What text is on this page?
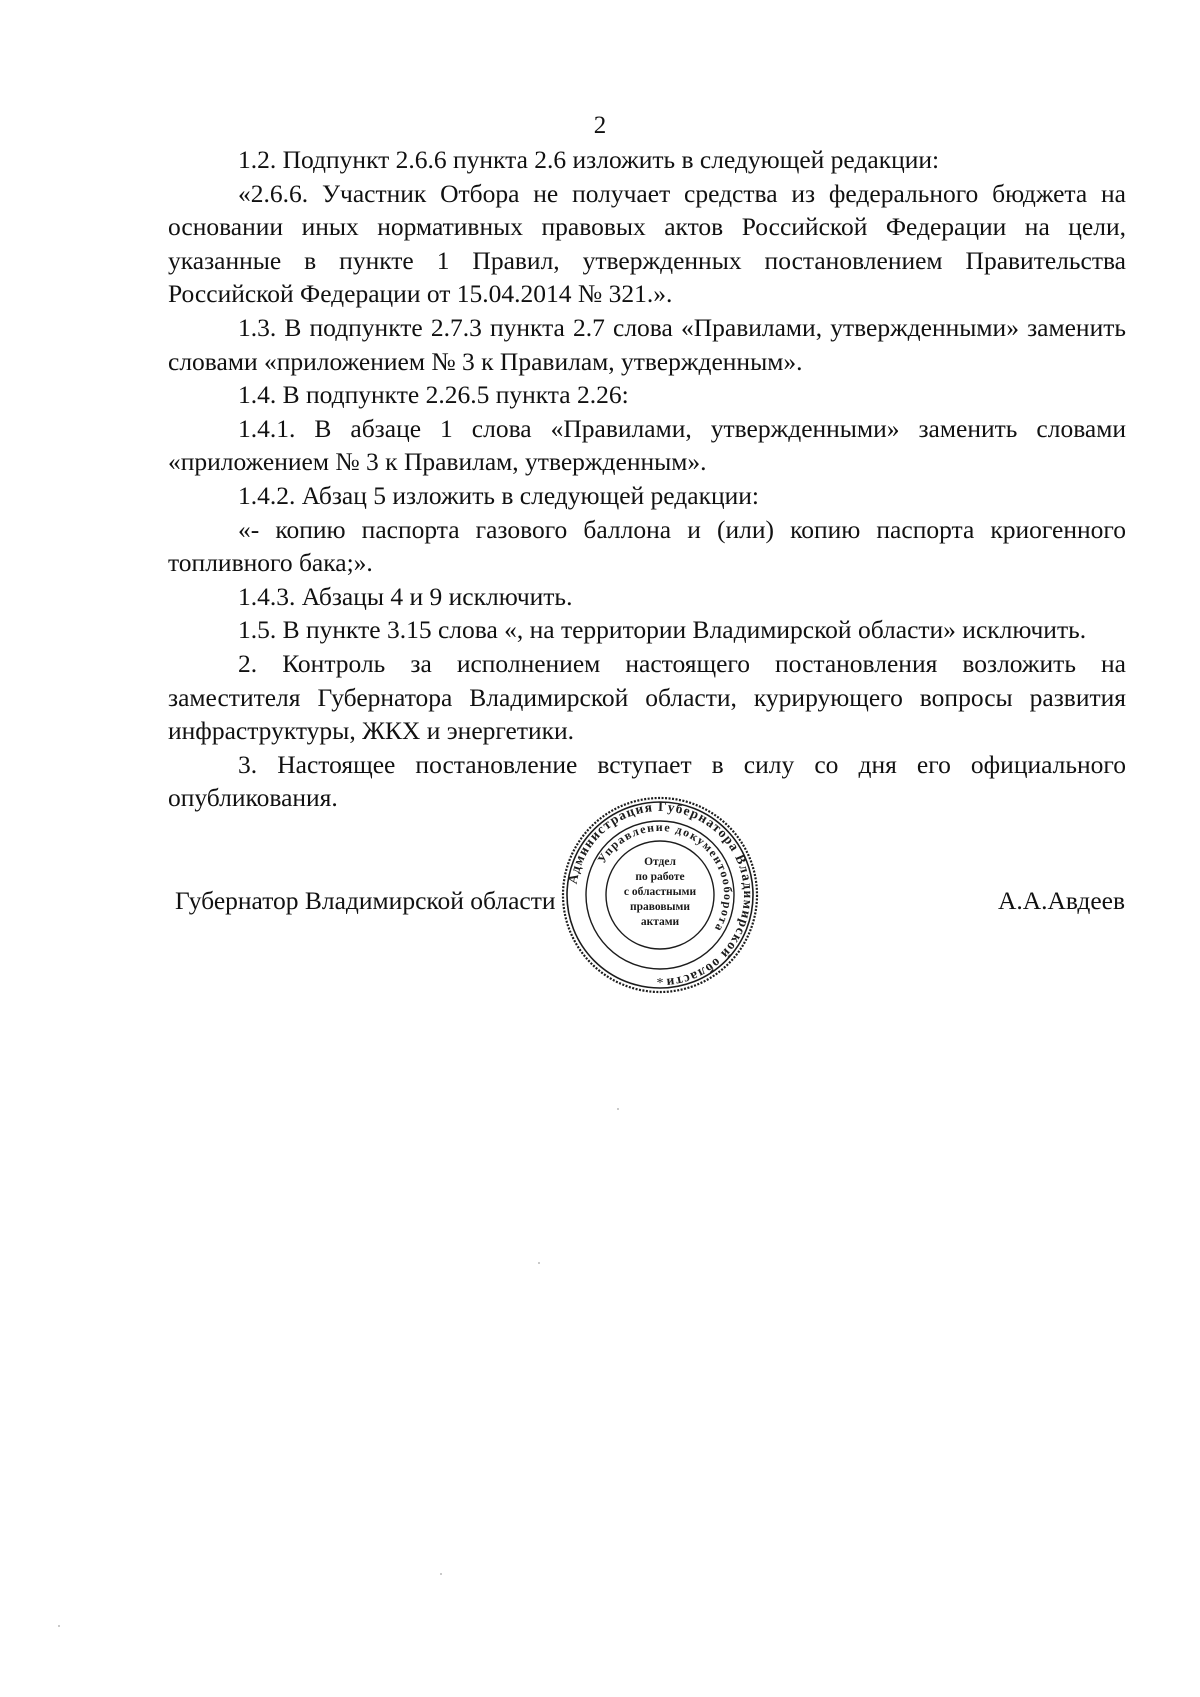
2

1.2. Подпункт 2.6.6 пункта 2.6 изложить в следующей редакции:

«2.6.6. Участник Отбора не получает средства из федерального бюджета на основании иных нормативных правовых актов Российской Федерации на цели, указанные в пункте 1 Правил, утвержденных постановлением Правительства Российской Федерации от 15.04.2014 № 321.».

1.3. В подпункте 2.7.3 пункта 2.7 слова «Правилами, утвержденными» заменить словами «приложением № 3 к Правилам, утвержденным».

1.4. В подпункте 2.26.5 пункта 2.26:

1.4.1. В абзаце 1 слова «Правилами, утвержденными» заменить словами «приложением № 3 к Правилам, утвержденным».

1.4.2. Абзац 5 изложить в следующей редакции:

«- копию паспорта газового баллона и (или) копию паспорта криогенного топливного бака;».

1.4.3. Абзацы 4 и 9 исключить.

1.5. В пункте 3.15 слова «, на территории Владимирской области» исключить.

2. Контроль за исполнением настоящего постановления возложить на заместителя Губернатора Владимирской области, курирующего вопросы развития инфраструктуры, ЖКХ и энергетики.

3. Настоящее постановление вступает в силу со дня его официального опубликования.

Губернатор Владимирской области	А.А.Авдеев
Администрация Губернатора Владимирской области
Управление документооборота
*
Отдел
по работе
с областными
правовыми
актами
